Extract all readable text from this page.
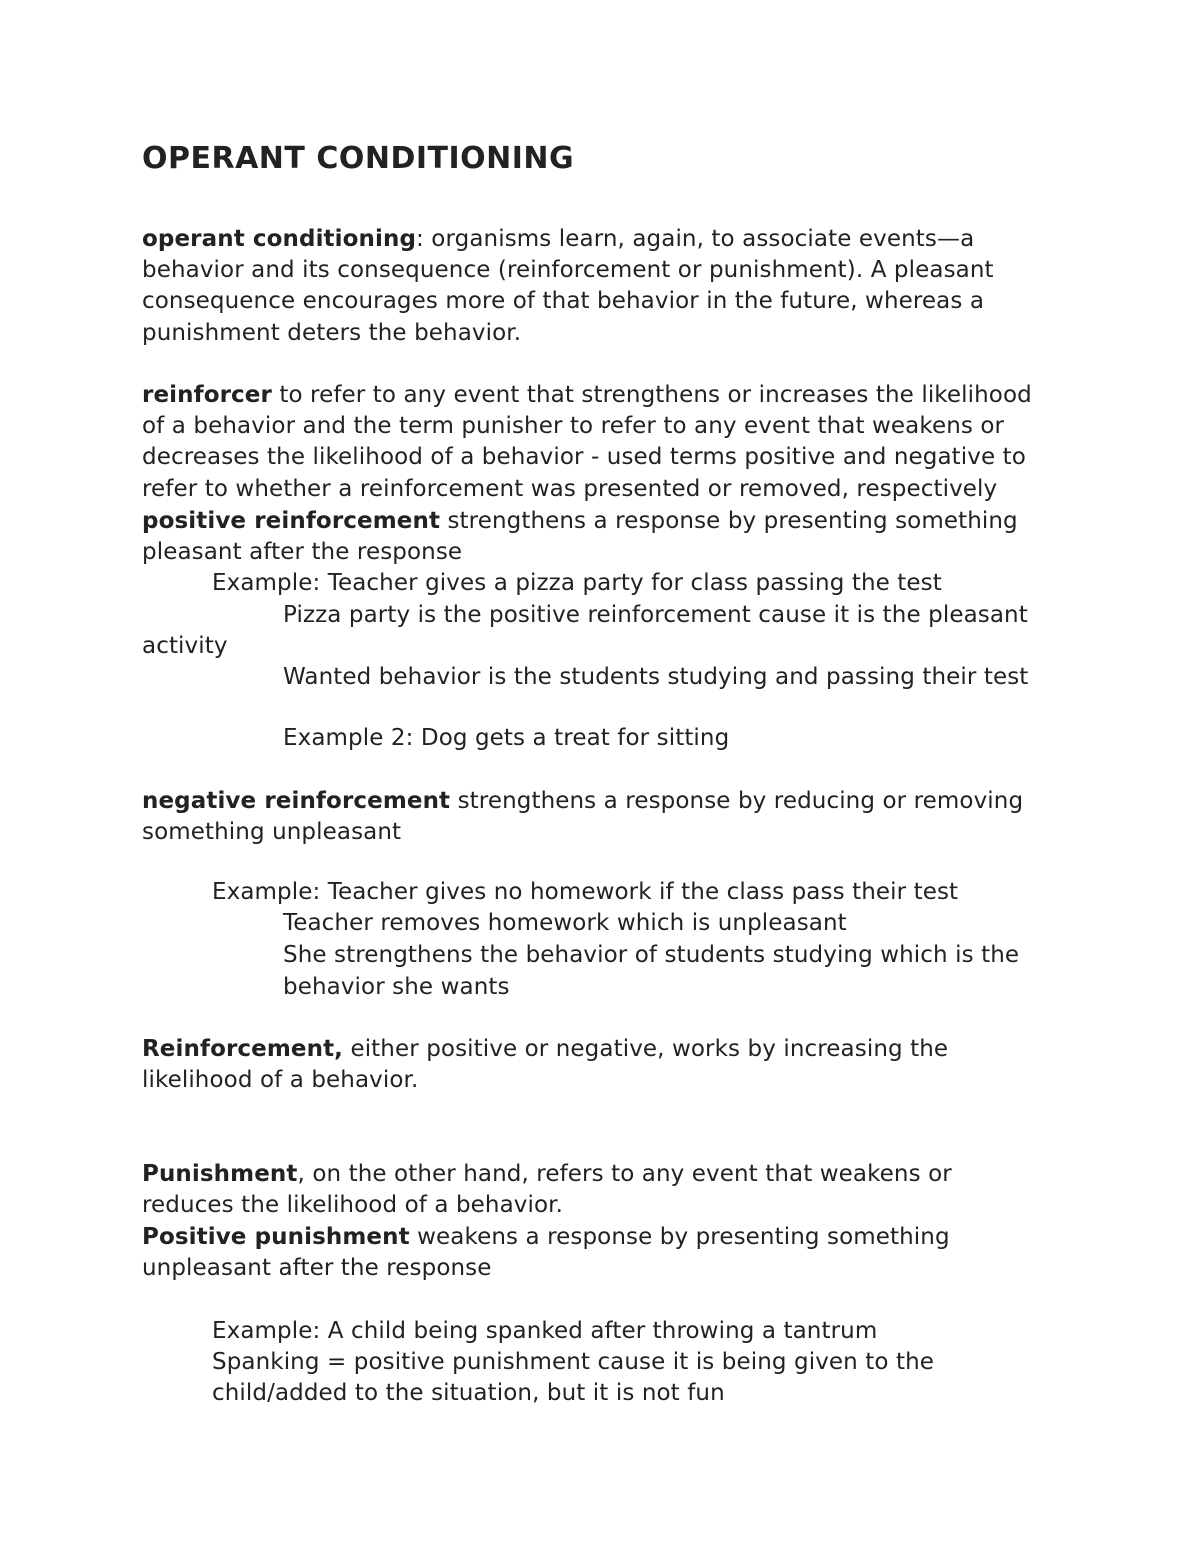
OPERANT CONDITIONING
operant conditioning: organisms learn, again, to associate events—a
behavior and its consequence (reinforcement or punishment). A pleasant
consequence encourages more of that behavior in the future, whereas a
punishment deters the behavior.
reinforcer to refer to any event that strengthens or increases the likelihood
of a behavior and the term punisher to refer to any event that weakens or
decreases the likelihood of a behavior - used terms positive and negative to
refer to whether a reinforcement was presented or removed, respectively
positive reinforcement strengthens a response by presenting something
pleasant after the response
Example: Teacher gives a pizza party for class passing the test
Pizza party is the positive reinforcement cause it is the pleasant
activity
Wanted behavior is the students studying and passing their test
Example 2: Dog gets a treat for sitting
negative reinforcement strengthens a response by reducing or removing
something unpleasant
Example: Teacher gives no homework if the class pass their test
Teacher removes homework which is unpleasant
She strengthens the behavior of students studying which is the
behavior she wants
Reinforcement, either positive or negative, works by increasing the
likelihood of a behavior.
Punishment, on the other hand, refers to any event that weakens or
reduces the likelihood of a behavior.
Positive punishment weakens a response by presenting something
unpleasant after the response
Example: A child being spanked after throwing a tantrum
Spanking = positive punishment cause it is being given to the
child/added to the situation, but it is not fun
